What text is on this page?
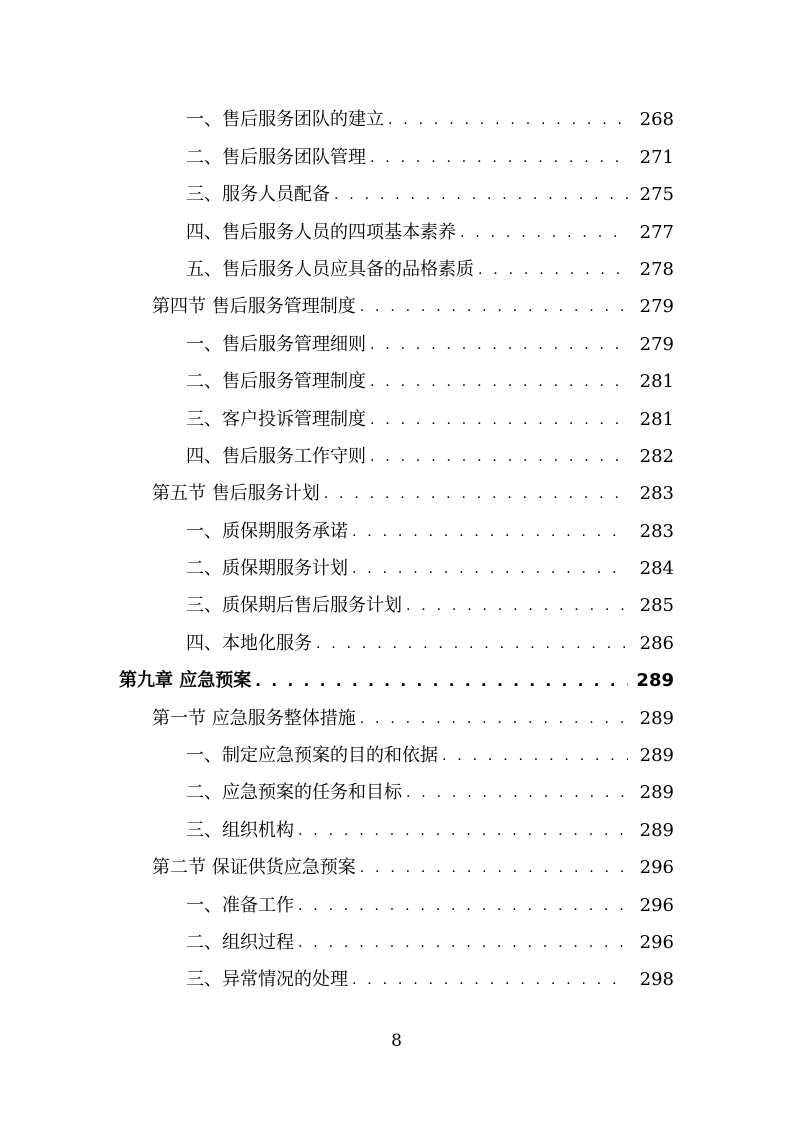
一、售后服务团队的建立 . . .	268
二、售后服务团队管理 . . .	271
三、服务人员配备 . . .	275
四、售后服务人员的四项基本素养 . . .	277
五、售后服务人员应具备的品格素质 . . .	278
第四节 售后服务管理制度 . . .	279
一、售后服务管理细则 . . .	279
二、售后服务管理制度 . . .	281
三、客户投诉管理制度 . . .	281
四、售后服务工作守则 . . .	282
第五节 售后服务计划 . . .	283
一、质保期服务承诺 . . .	283
二、质保期服务计划 . . .	284
三、质保期后售后服务计划 . . .	285
四、本地化服务 . . .	286
第九章 应急预案 . . .	289
第一节 应急服务整体措施 . . .	289
一、制定应急预案的目的和依据 . . .	289
二、应急预案的任务和目标 . . .	289
三、组织机构 . . .	289
第二节 保证供货应急预案 . . .	296
一、准备工作 . . .	296
二、组织过程 . . .	296
三、异常情况的处理 . . .	298
8
